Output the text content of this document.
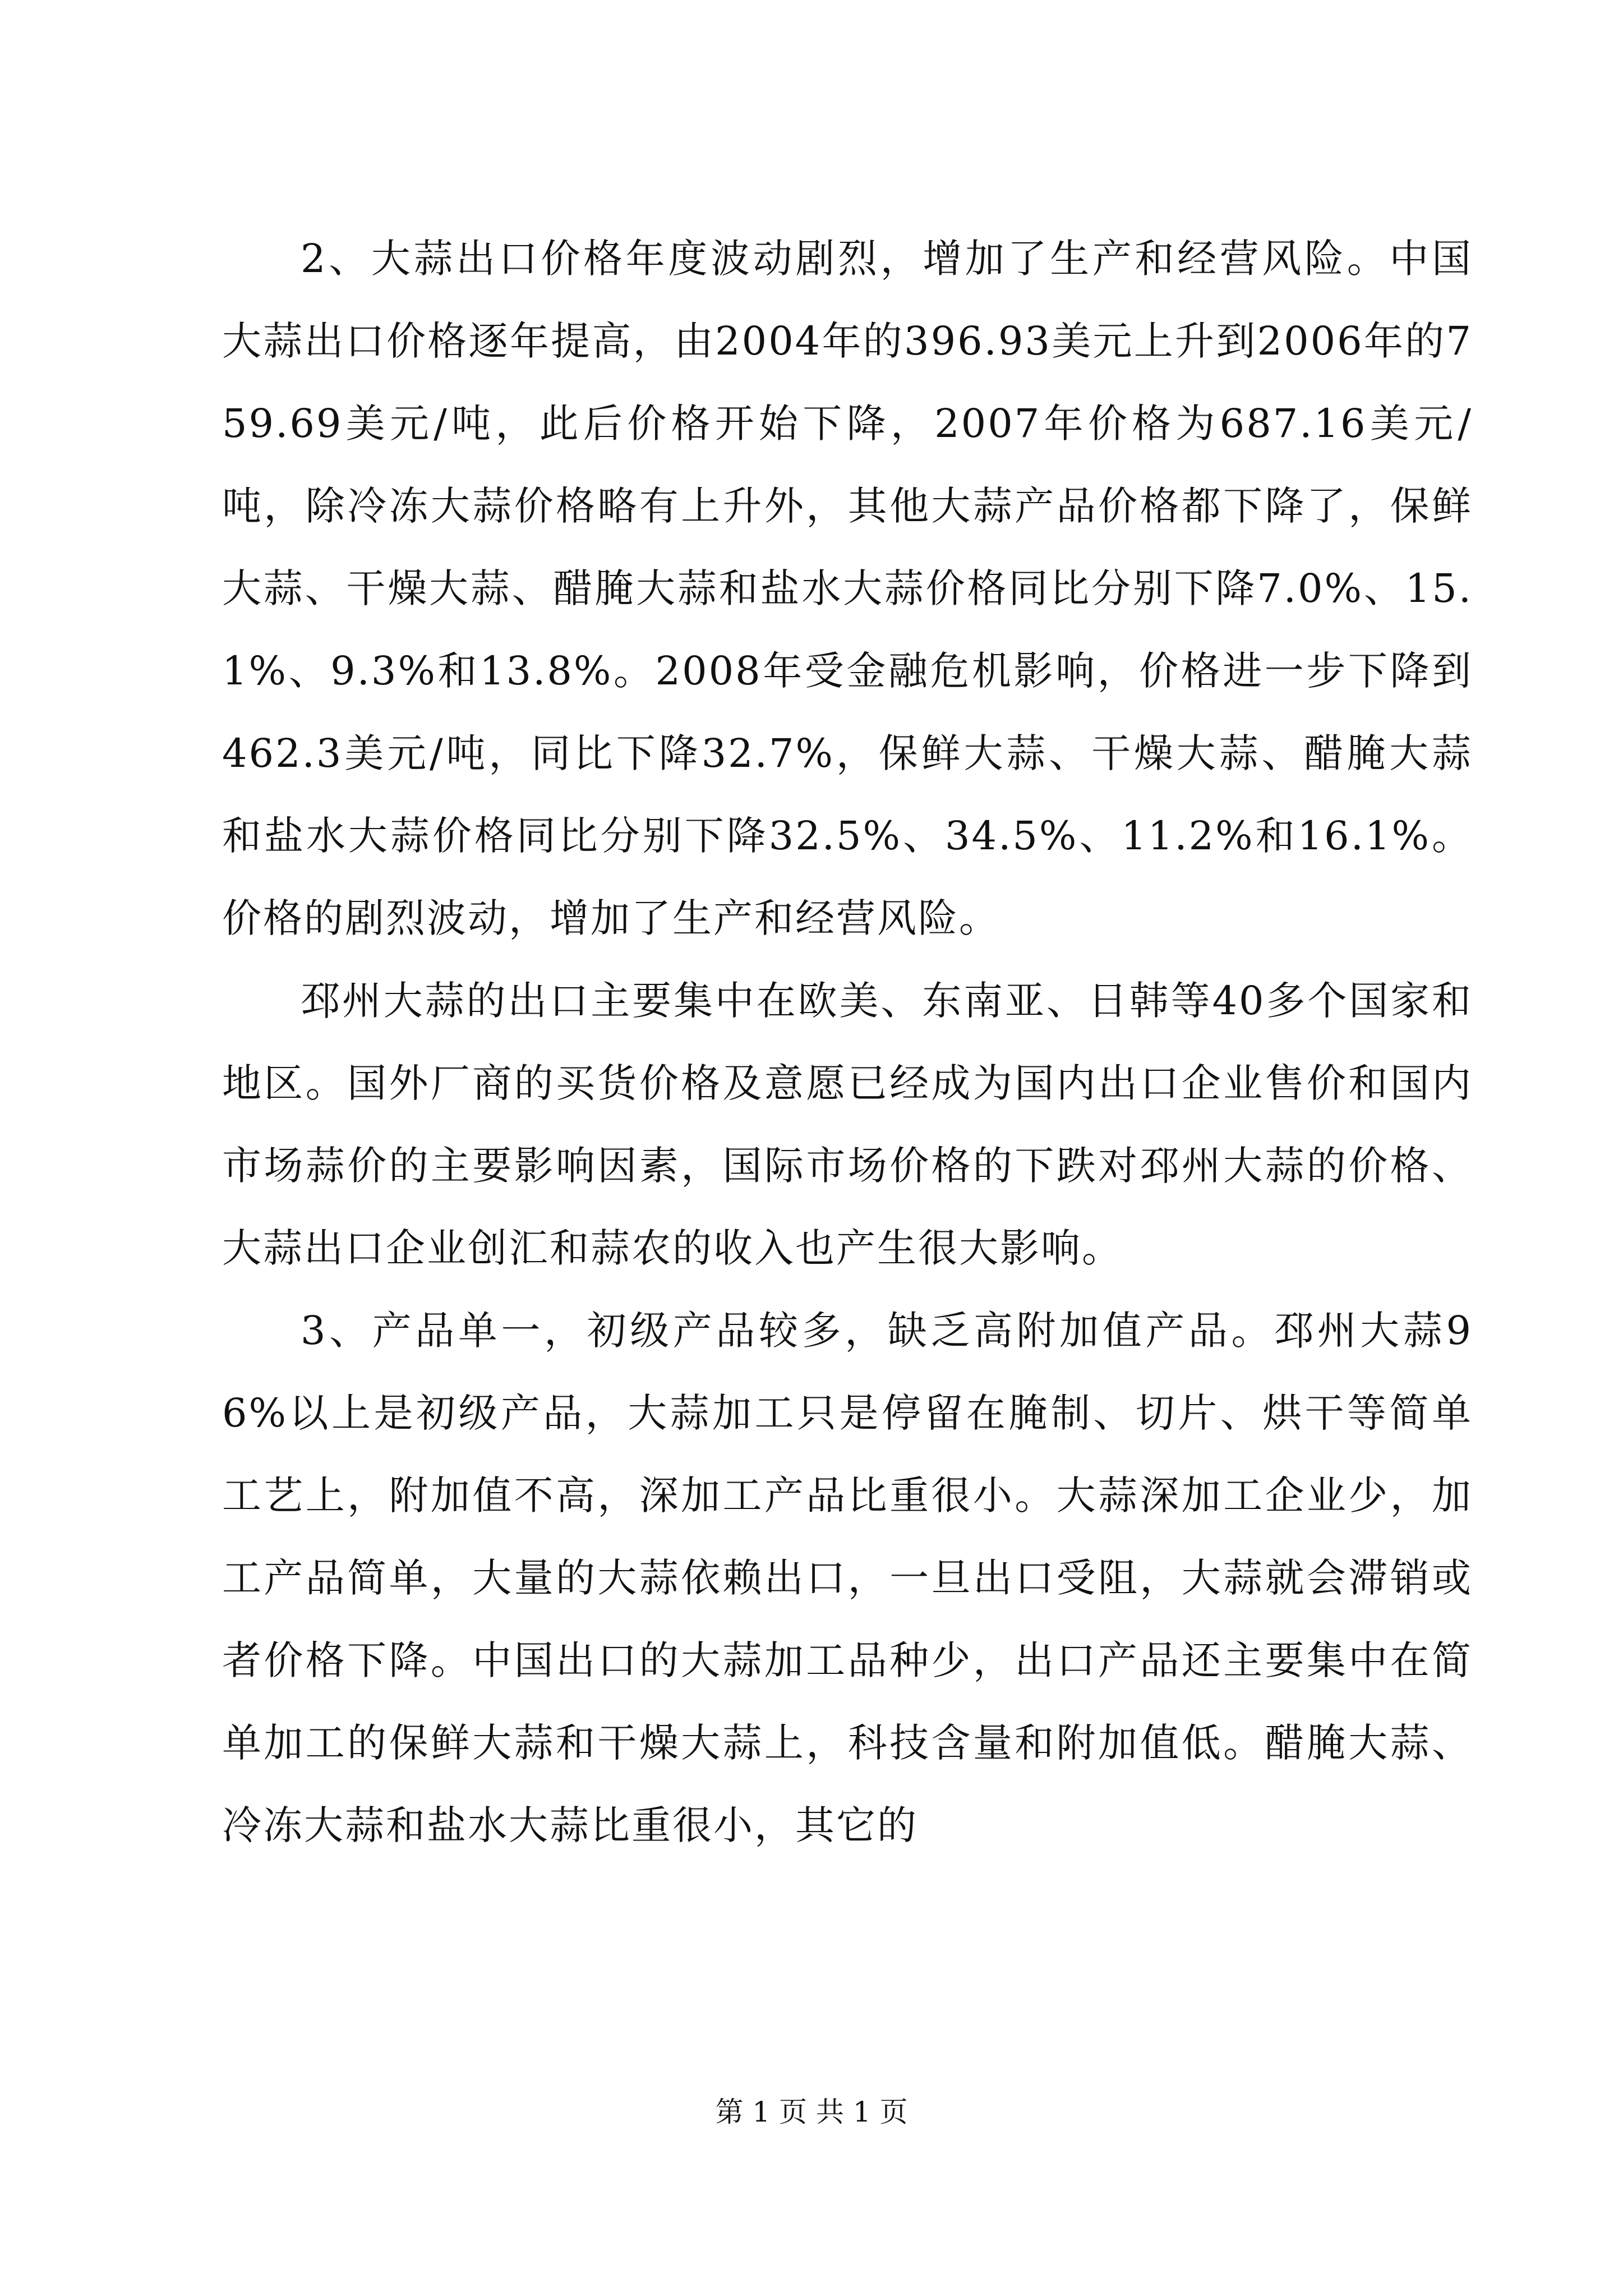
2、大蒜出口价格年度波动剧烈，增加了生产和经营风险。中国大蒜出口价格逐年提高，由2004年的396.93美元上升到2006年的759.69美元/吨，此后价格开始下降，2007年价格为687.16美元/吨，除冷冻大蒜价格略有上升外，其他大蒜产品价格都下降了，保鲜大蒜、干燥大蒜、醋腌大蒜和盐水大蒜价格同比分别下降7.0%、15.1%、9.3%和13.8%。2008年受金融危机影响，价格进一步下降到462.3美元/吨，同比下降32.7%，保鲜大蒜、干燥大蒜、醋腌大蒜和盐水大蒜价格同比分别下降32.5%、34.5%、11.2%和16.1%。价格的剧烈波动，增加了生产和经营风险。

邳州大蒜的出口主要集中在欧美、东南亚、日韩等40多个国家和地区。国外厂商的买货价格及意愿已经成为国内出口企业售价和国内市场蒜价的主要影响因素，国际市场价格的下跌对邳州大蒜的价格、大蒜出口企业创汇和蒜农的收入也产生很大影响。

3、产品单一，初级产品较多，缺乏高附加值产品。邳州大蒜96%以上是初级产品，大蒜加工只是停留在腌制、切片、烘干等简单工艺上，附加值不高，深加工产品比重很小。大蒜深加工企业少，加工产品简单，大量的大蒜依赖出口，一旦出口受阻，大蒜就会滞销或者价格下降。中国出口的大蒜加工品种少，出口产品还主要集中在简单加工的保鲜大蒜和干燥大蒜上，科技含量和附加值低。醋腌大蒜、冷冻大蒜和盐水大蒜比重很小，其它的

第 1 页 共 1 页
